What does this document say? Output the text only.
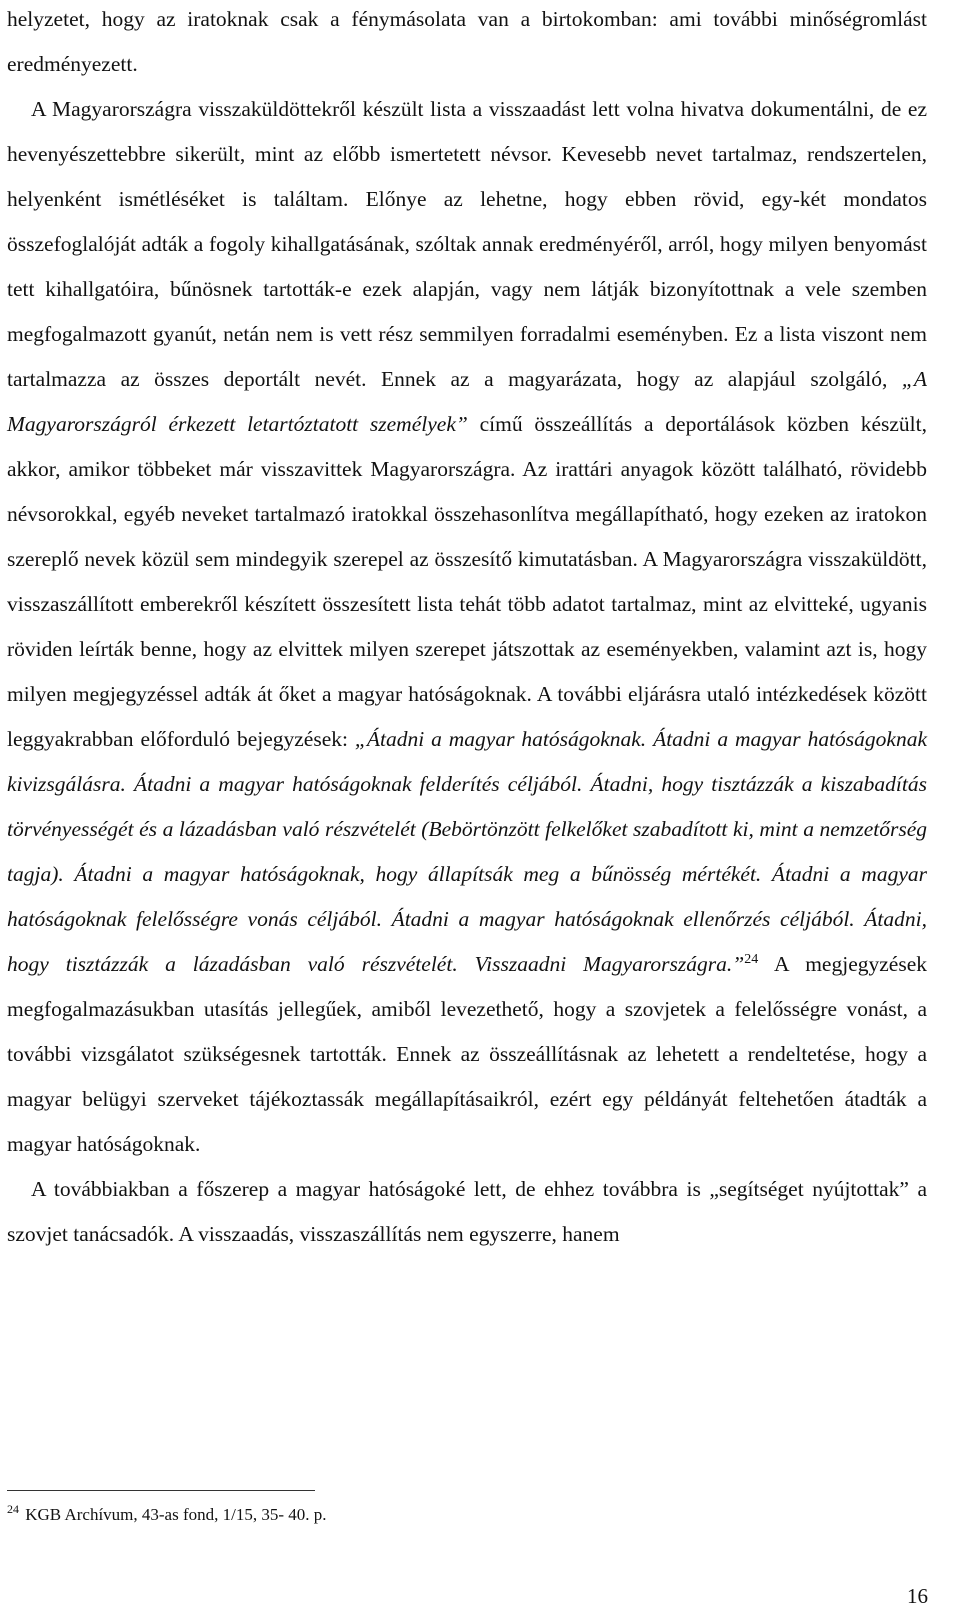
helyzetet, hogy az iratoknak csak a fénymásolata van a birtokomban: ami további minőségromlást eredményezett.

A Magyarországra visszaküldöttekről készült lista a visszaadást lett volna hivatva dokumentálni, de ez hevenyészettebbre sikerült, mint az előbb ismertetett névsor. Kevesebb nevet tartalmaz, rendszertelen, helyenként ismétléséket is találtam. Előnye az lehetne, hogy ebben rövid, egy-két mondatos összefoglalóját adták a fogoly kihallgatásának, szóltak annak eredményéről, arról, hogy milyen benyomást tett kihallgatóira, bűnösnek tartották-e ezek alapján, vagy nem látják bizonyítottnak a vele szemben megfogalmazott gyanút, netán nem is vett rész semmilyen forradalmi eseményben. Ez a lista viszont nem tartalmazza az összes deportált nevét. Ennek az a magyarázata, hogy az alapjául szolgáló, „A Magyarországról érkezett letartóztatott személyek” című összeállítás a deportálások közben készült, akkor, amikor többeket már visszavittek Magyarországra. Az irattári anyagok között található, rövidebb névsorokkal, egyéb neveket tartalmazó iratokkal összehasonlítva megállapítható, hogy ezeken az iratokon szereplő nevek közül sem mindegyik szerepel az összesítő kimutatásban. A Magyarországra visszaküldött, visszaszállított emberekről készített összesített lista tehát több adatot tartalmaz, mint az elvitteké, ugyanis röviden leírták benne, hogy az elvittek milyen szerepet játszottak az eseményekben, valamint azt is, hogy milyen megjegyzéssel adták át őket a magyar hatóságoknak. A további eljárásra utaló intézkedések között leggyakrabban előforduló bejegyzések: „Átadni a magyar hatóságoknak. Átadni a magyar hatóságoknak kivizsgálásra. Átadni a magyar hatóságoknak felderítés céljából. Átadni, hogy tisztázzák a kiszabadítás törvényességét és a lázadásban való részvételét (Bebörtönzött felkelőket szabadított ki, mint a nemzetőrség tagja). Átadni a magyar hatóságoknak, hogy állapítsák meg a bűnösség mértékét. Átadni a magyar hatóságoknak felelősségre vonás céljából. Átadni a magyar hatóságoknak ellenőrzés céljából. Átadni, hogy tisztázzák a lázadásban való részvételét. Visszaadni Magyarországra.”$^{24}$ A megjegyzések megfogalmazásukban utasítás jellegűek, amiből levezethető, hogy a szovjetek a felelősségre vonást, a további vizsgálatot szükségesnek tartották. Ennek az összeállításnak az lehetett a rendeltetése, hogy a magyar belügyi szerveket tájékoztassák megállapításaikról, ezért egy példányát feltehetően átadták a magyar hatóságoknak.

A továbbiakban a főszerep a magyar hatóságoké lett, de ehhez továbbra is „segítséget nyújtottak” a szovjet tanácsadók. A visszaadás, visszaszállítás nem egyszerre, hanem

$^{24}$ KGB Archívum, 43-as fond, 1/15, 35- 40. p.
16
